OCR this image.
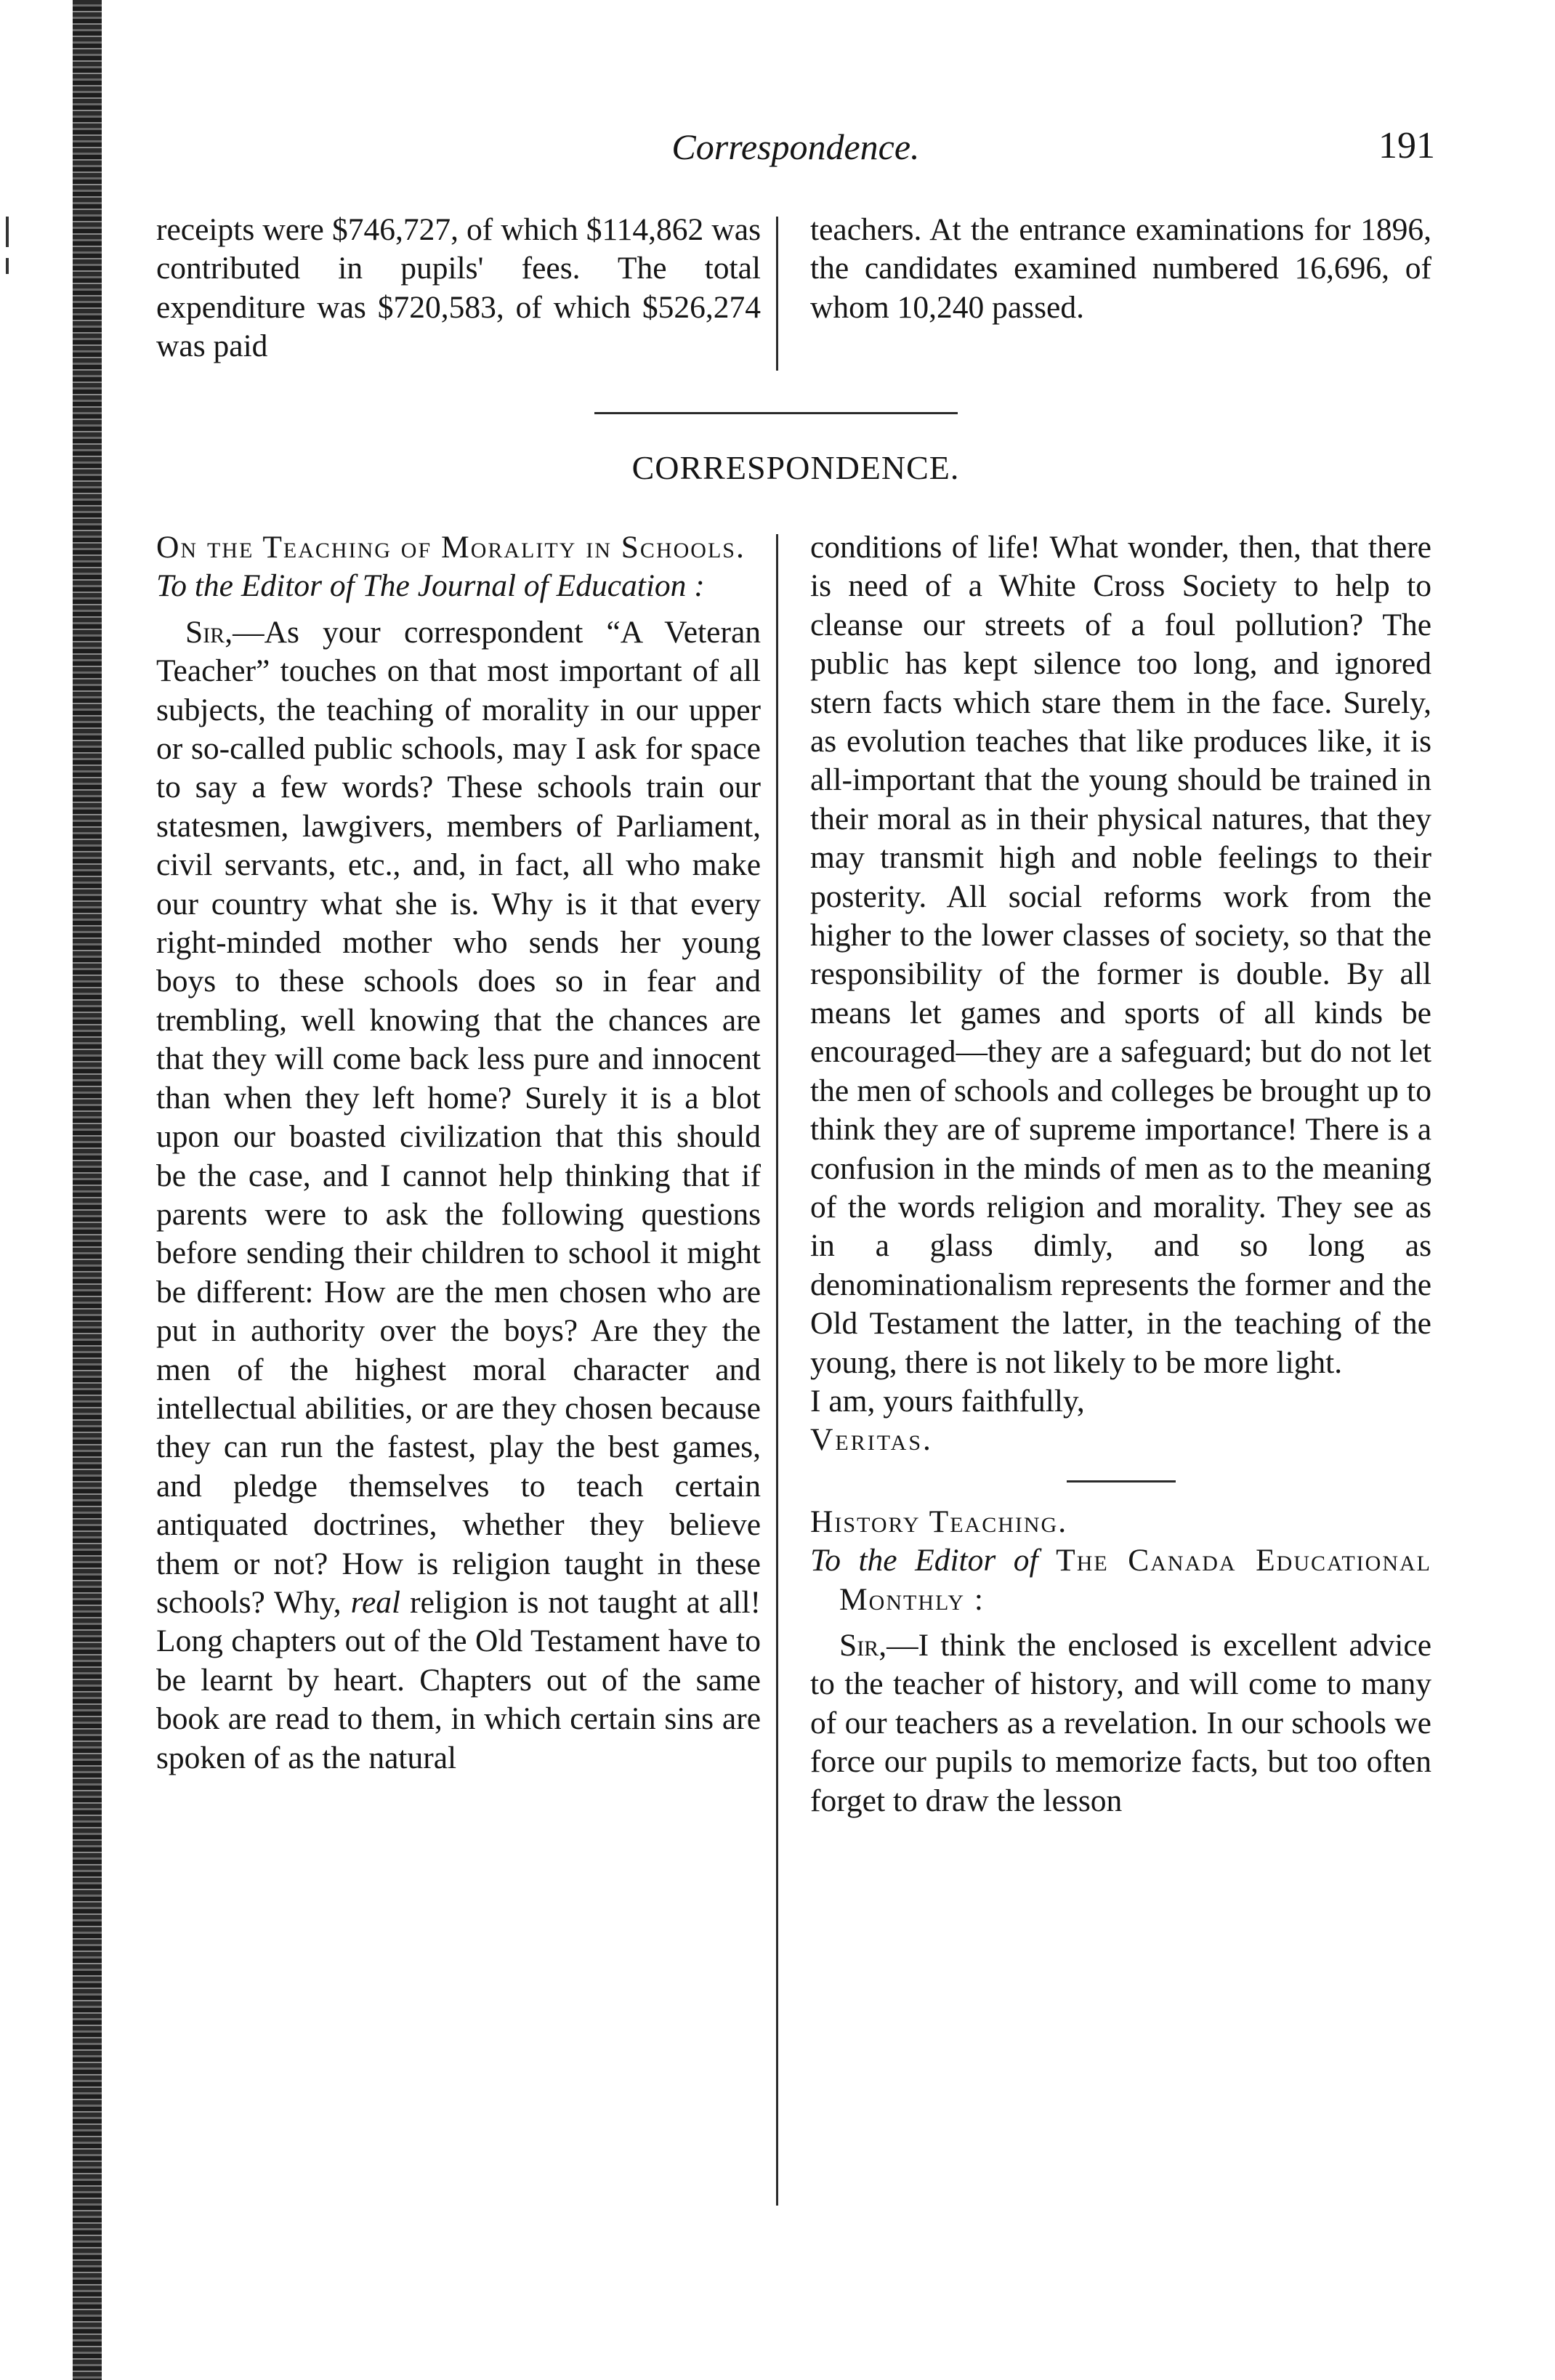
Correspondence.	191

receipts were $746,727, of which $114,862 was contributed in pupils' fees. The total expenditure was $720,583, of which $526,274 was paid

teachers. At the entrance examinations for 1896, the candidates examined numbered 16,696, of whom 10,240 passed.

CORRESPONDENCE.

On the Teaching of Morality in Schools.

To the Editor of The Journal of Education :

Sir,—As your correspondent “A Veteran Teacher” touches on that most important of all subjects, the teaching of morality in our upper or so-called public schools, may I ask for space to say a few words? These schools train our statesmen, lawgivers, members of Parliament, civil servants, etc., and, in fact, all who make our country what she is. Why is it that every right-minded mother who sends her young boys to these schools does so in fear and trembling, well knowing that the chances are that they will come back less pure and innocent than when they left home? Surely it is a blot upon our boasted civilization that this should be the case, and I cannot help thinking that if parents were to ask the following questions before sending their children to school it might be different: How are the men chosen who are put in authority over the boys? Are they the men of the highest moral character and intellectual abilities, or are they chosen because they can run the fastest, play the best games, and pledge themselves to teach certain antiquated doctrines, whether they believe them or not? How is religion taught in these schools? Why, real religion is not taught at all! Long chapters out of the Old Testament have to be learnt by heart. Chapters out of the same book are read to them, in which certain sins are spoken of as the natural

conditions of life! What wonder, then, that there is need of a White Cross Society to help to cleanse our streets of a foul pollution? The public has kept silence too long, and ignored stern facts which stare them in the face. Surely, as evolution teaches that like produces like, it is all-important that the young should be trained in their moral as in their physical natures, that they may transmit high and noble feelings to their posterity. All social reforms work from the higher to the lower classes of society, so that the responsibility of the former is double. By all means let games and sports of all kinds be encouraged—they are a safeguard; but do not let the men of schools and colleges be brought up to think they are of supreme importance! There is a confusion in the minds of men as to the meaning of the words religion and morality. They see as in a glass dimly, and so long as denominationalism represents the former and the Old Testament the latter, in the teaching of the young, there is not likely to be more light.

I am, yours faithfully,

Veritas.

History Teaching.

To the Editor of The Canada Educational Monthly :

Sir,—I think the enclosed is excellent advice to the teacher of history, and will come to many of our teachers as a revelation. In our schools we force our pupils to memorize facts, but too often forget to draw the lesson
